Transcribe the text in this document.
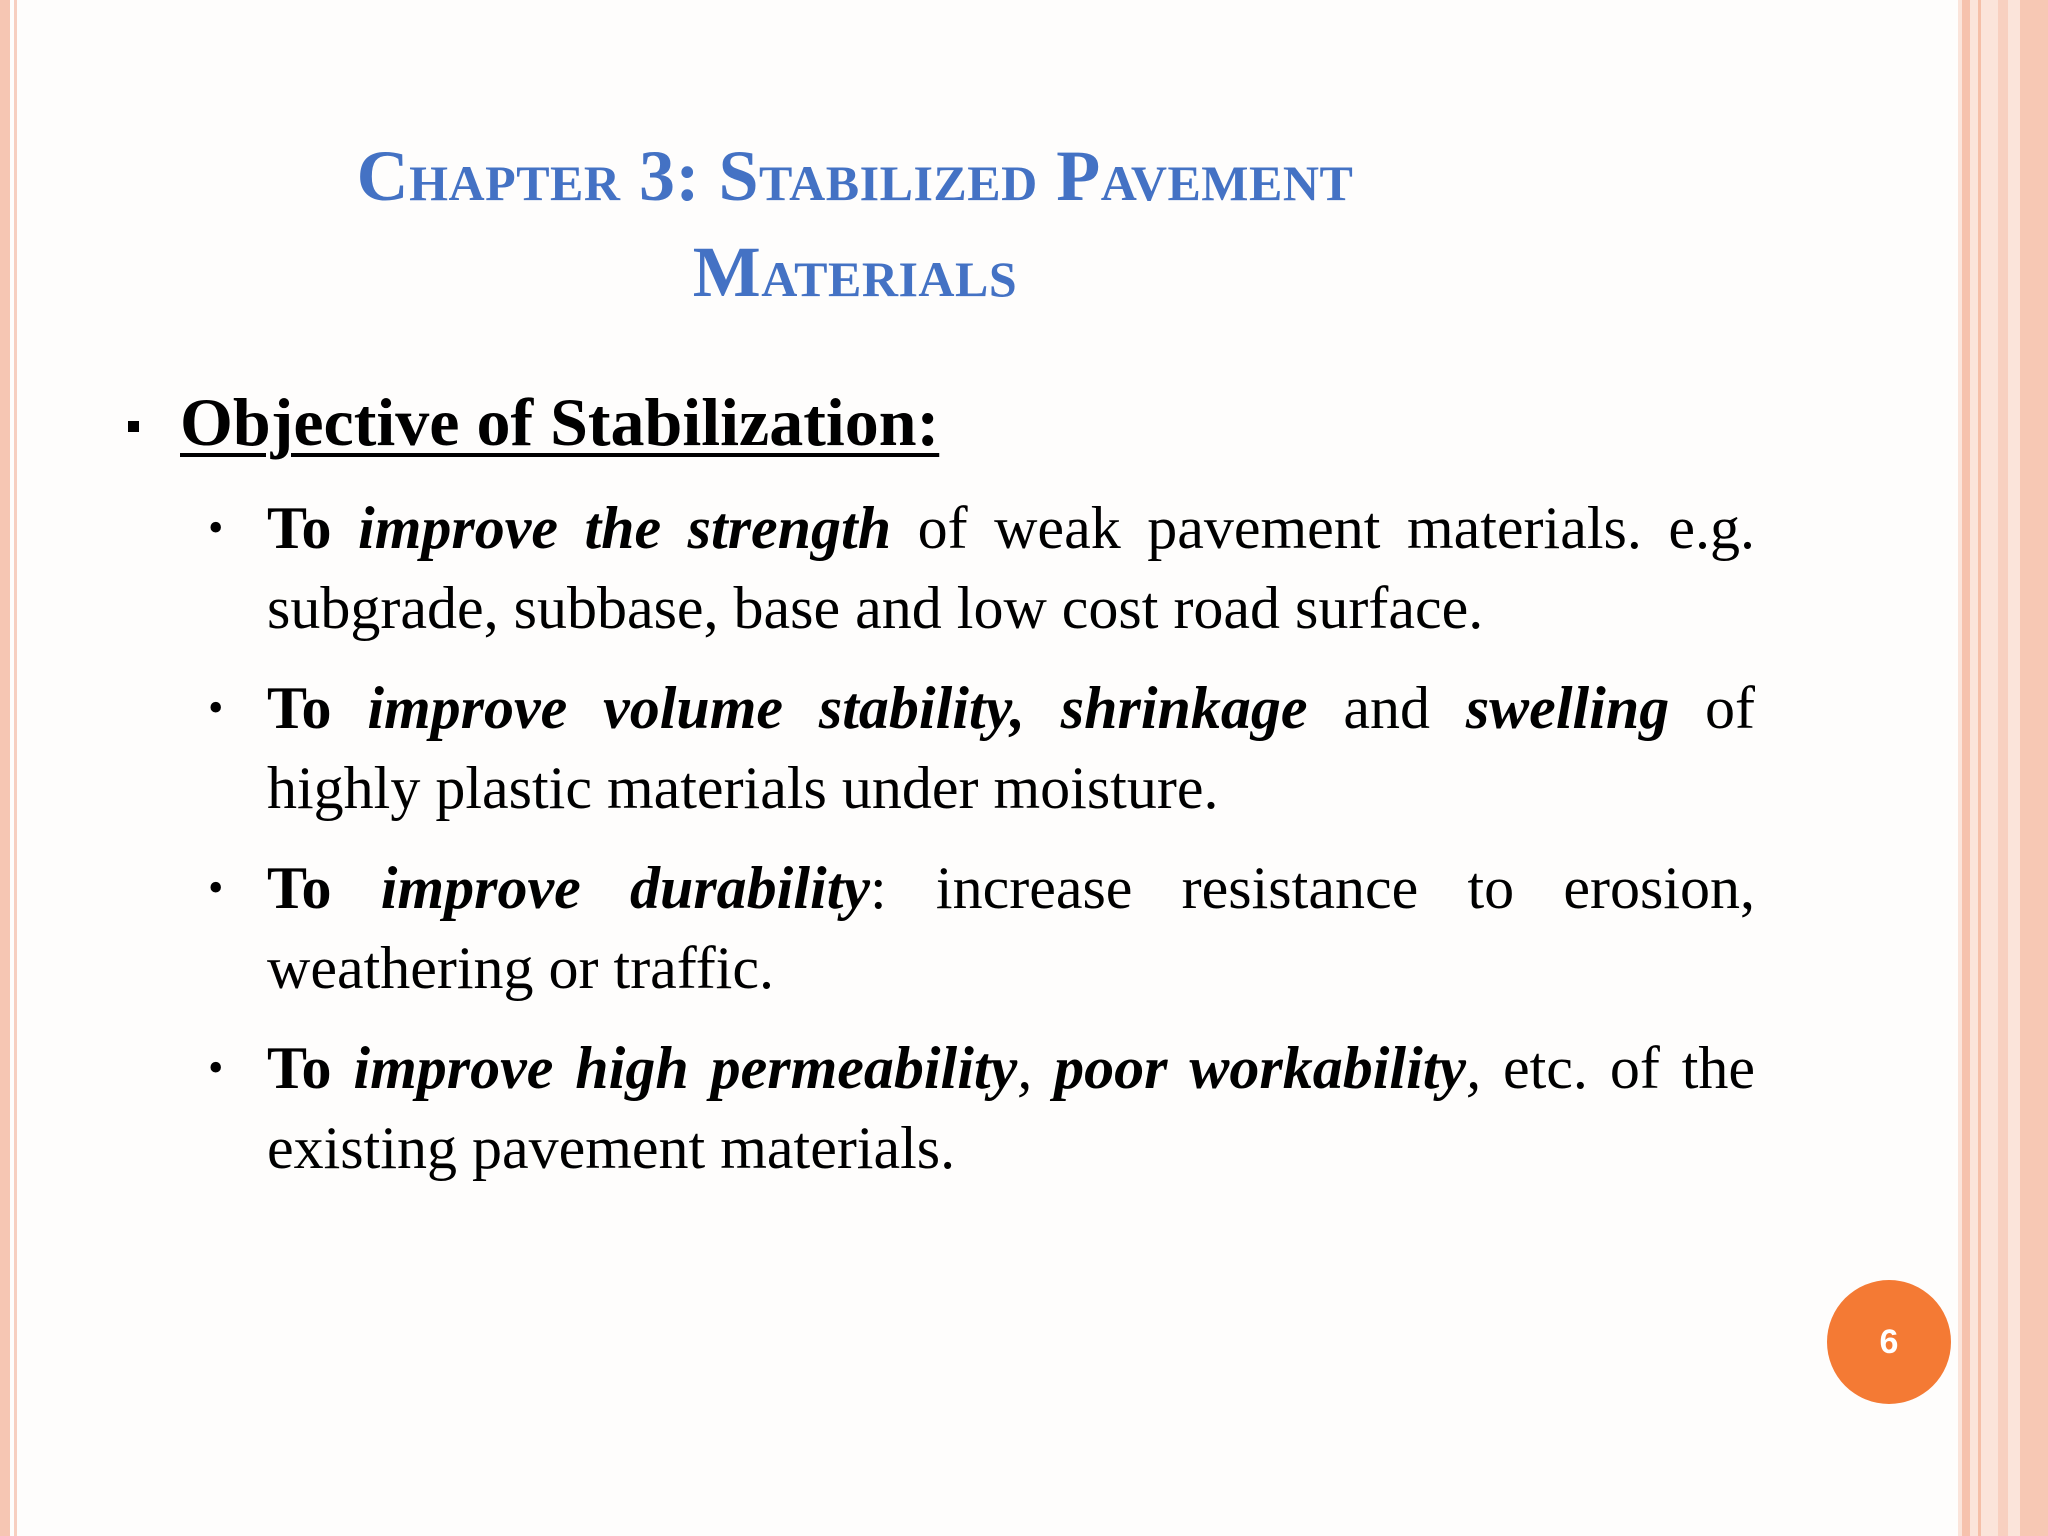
Chapter 3: Stabilized Pavement
Materials
Objective of Stabilization:
• To improve the strength of weak pavement materials. e.g. subgrade, subbase, base and low cost road surface.
• To improve volume stability, shrinkage and swelling of highly plastic materials under moisture.
• To improve durability: increase resistance to erosion, weathering or traffic.
• To improve high permeability, poor workability, etc. of the existing pavement materials.
6
